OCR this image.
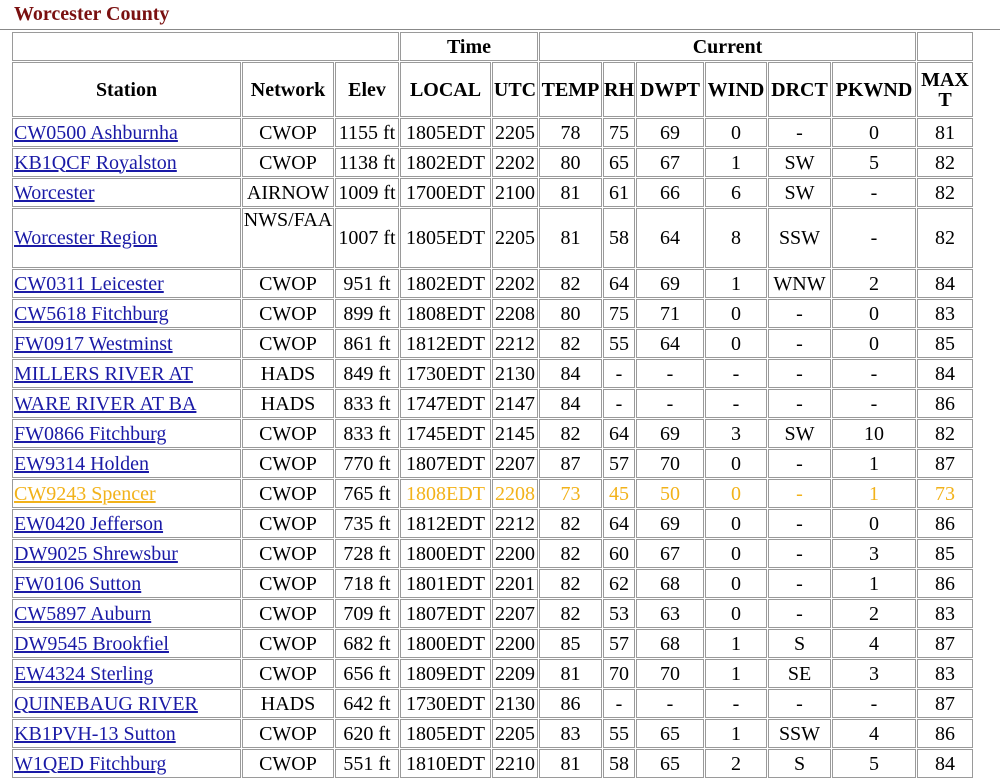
Worcester County
			Time		Current						
Station	Network	Elev	LOCAL	UTC	TEMP	RH	DWPT	WIND	DRCT	PKWND	MAX
T
CW0500 Ashburnha	CWOP	1155 ft	1805EDT	2205	78	75	69	0	-	0	81
KB1QCF Royalston	CWOP	1138 ft	1802EDT	2202	80	65	67	1	SW	5	82
Worcester	AIRNOW	1009 ft	1700EDT	2100	81	61	66	6	SW	-	82
Worcester Region	NWS/FAA	1007 ft	1805EDT	2205	81	58	64	8	SSW	-	82
CW0311 Leicester	CWOP	951 ft	1802EDT	2202	82	64	69	1	WNW	2	84
CW5618 Fitchburg	CWOP	899 ft	1808EDT	2208	80	75	71	0	-	0	83
FW0917 Westminst	CWOP	861 ft	1812EDT	2212	82	55	64	0	-	0	85
MILLERS RIVER AT	HADS	849 ft	1730EDT	2130	84	-	-	-	-	-	84
WARE RIVER AT BA	HADS	833 ft	1747EDT	2147	84	-	-	-	-	-	86
FW0866 Fitchburg	CWOP	833 ft	1745EDT	2145	82	64	69	3	SW	10	82
EW9314 Holden	CWOP	770 ft	1807EDT	2207	87	57	70	0	-	1	87
CW9243 Spencer	CWOP	765 ft	1808EDT	2208	73	45	50	0	-	1	73
EW0420 Jefferson	CWOP	735 ft	1812EDT	2212	82	64	69	0	-	0	86
DW9025 Shrewsbur	CWOP	728 ft	1800EDT	2200	82	60	67	0	-	3	85
FW0106 Sutton	CWOP	718 ft	1801EDT	2201	82	62	68	0	-	1	86
CW5897 Auburn	CWOP	709 ft	1807EDT	2207	82	53	63	0	-	2	83
DW9545 Brookfiel	CWOP	682 ft	1800EDT	2200	85	57	68	1	S	4	87
EW4324 Sterling	CWOP	656 ft	1809EDT	2209	81	70	70	1	SE	3	83
QUINEBAUG RIVER	HADS	642 ft	1730EDT	2130	86	-	-	-	-	-	87
KB1PVH-13 Sutton	CWOP	620 ft	1805EDT	2205	83	55	65	1	SSW	4	86
W1QED Fitchburg	CWOP	551 ft	1810EDT	2210	81	58	65	2	S	5	84
